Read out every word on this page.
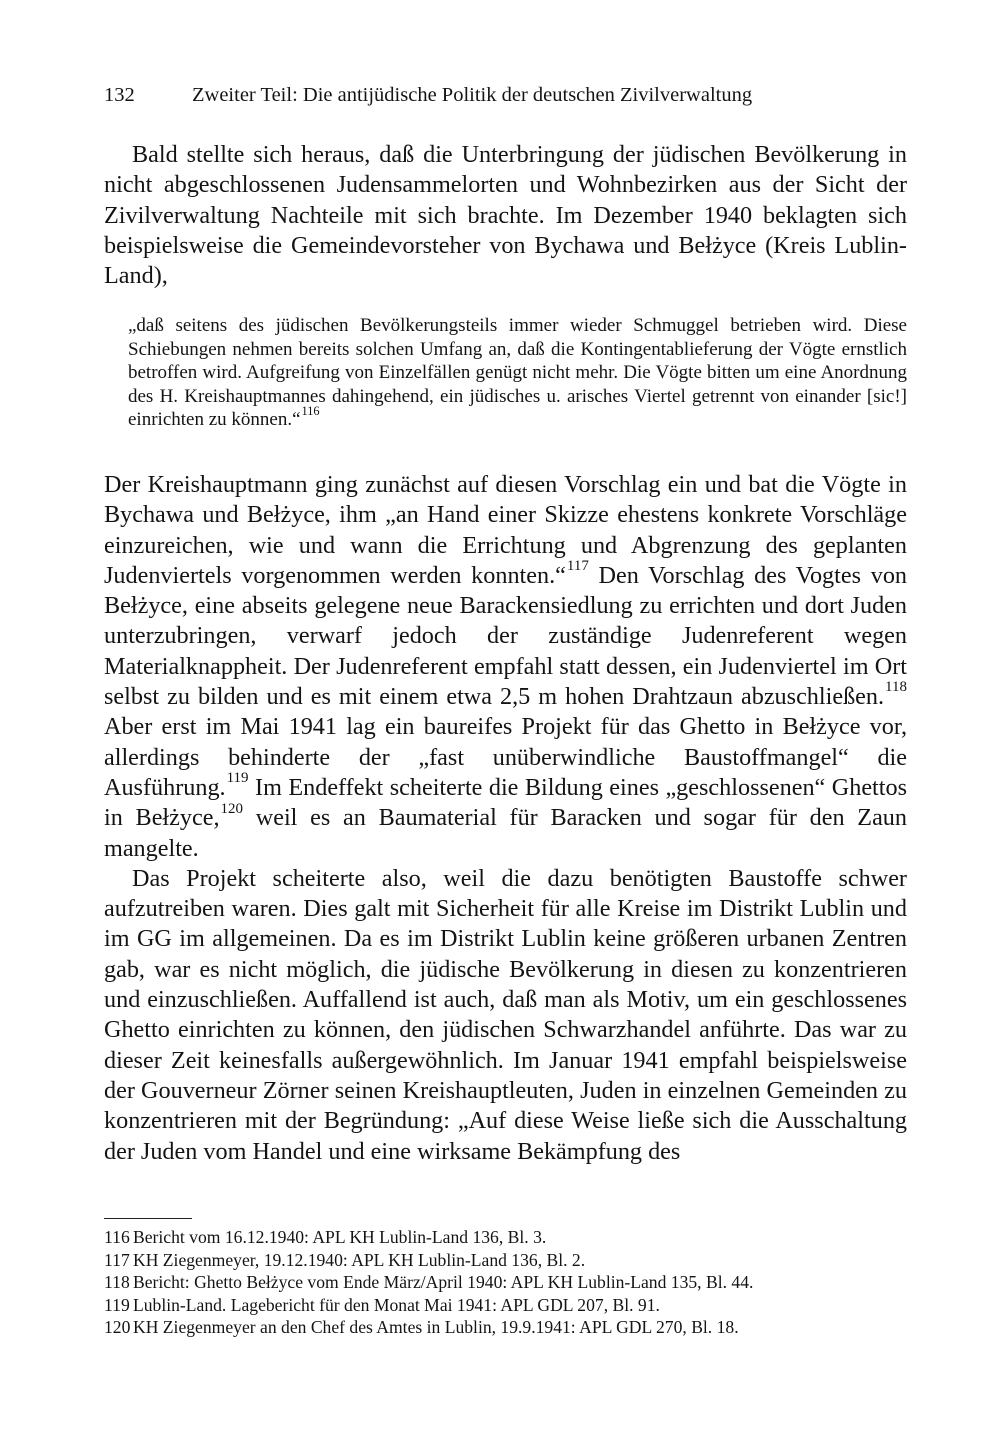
132	Zweiter Teil: Die antijüdische Politik der deutschen Zivilverwaltung

Bald stellte sich heraus, daß die Unterbringung der jüdischen Bevölkerung in nicht abgeschlossenen Judensammelorten und Wohnbezirken aus der Sicht der Zivilverwaltung Nachteile mit sich brachte. Im Dezember 1940 beklagten sich beispielsweise die Gemeindevorsteher von Bychawa und Bełżyce (Kreis Lublin-Land),

„daß seitens des jüdischen Bevölkerungsteils immer wieder Schmuggel betrieben wird. Diese Schiebungen nehmen bereits solchen Umfang an, daß die Kontingentablieferung der Vögte ernstlich betroffen wird. Aufgreifung von Einzelfällen genügt nicht mehr. Die Vögte bitten um eine Anordnung des H. Kreishauptmannes dahingehend, ein jüdisches u. arisches Viertel getrennt von einander [sic!] einrichten zu können.“$^{116}$

Der Kreishauptmann ging zunächst auf diesen Vorschlag ein und bat die Vögte in Bychawa und Bełżyce, ihm „an Hand einer Skizze ehestens konkrete Vorschläge einzureichen, wie und wann die Errichtung und Abgrenzung des geplanten Judenviertels vorgenommen werden konnten.“$^{117}$ Den Vorschlag des Vogtes von Bełżyce, eine abseits gelegene neue Barackensiedlung zu errichten und dort Juden unterzubringen, verwarf jedoch der zuständige Judenreferent wegen Materialknappheit. Der Judenreferent empfahl statt dessen, ein Judenviertel im Ort selbst zu bilden und es mit einem etwa 2,5 m hohen Drahtzaun abzuschließen.$^{118}$ Aber erst im Mai 1941 lag ein baureifes Projekt für das Ghetto in Bełżyce vor, allerdings behinderte der „fast unüberwindliche Baustoffmangel“ die Ausführung.$^{119}$ Im Endeffekt scheiterte die Bildung eines „geschlossenen“ Ghettos in Bełżyce,$^{120}$ weil es an Baumaterial für Baracken und sogar für den Zaun mangelte.

Das Projekt scheiterte also, weil die dazu benötigten Baustoffe schwer aufzutreiben waren. Dies galt mit Sicherheit für alle Kreise im Distrikt Lublin und im GG im allgemeinen. Da es im Distrikt Lublin keine größeren urbanen Zentren gab, war es nicht möglich, die jüdische Bevölkerung in diesen zu konzentrieren und einzuschließen. Auffallend ist auch, daß man als Motiv, um ein geschlossenes Ghetto einrichten zu können, den jüdischen Schwarzhandel anführte. Das war zu dieser Zeit keinesfalls außergewöhnlich. Im Januar 1941 empfahl beispielsweise der Gouverneur Zörner seinen Kreishauptleuten, Juden in einzelnen Gemeinden zu konzentrieren mit der Begründung: „Auf diese Weise ließe sich die Ausschaltung der Juden vom Handel und eine wirksame Bekämpfung des

116 Bericht vom 16.12.1940: APL KH Lublin-Land 136, Bl. 3.
117 KH Ziegenmeyer, 19.12.1940: APL KH Lublin-Land 136, Bl. 2.
118 Bericht: Ghetto Bełżyce vom Ende März/April 1940: APL KH Lublin-Land 135, Bl. 44.
119 Lublin-Land. Lagebericht für den Monat Mai 1941: APL GDL 207, Bl. 91.
120 KH Ziegenmeyer an den Chef des Amtes in Lublin, 19.9.1941: APL GDL 270, Bl. 18.
